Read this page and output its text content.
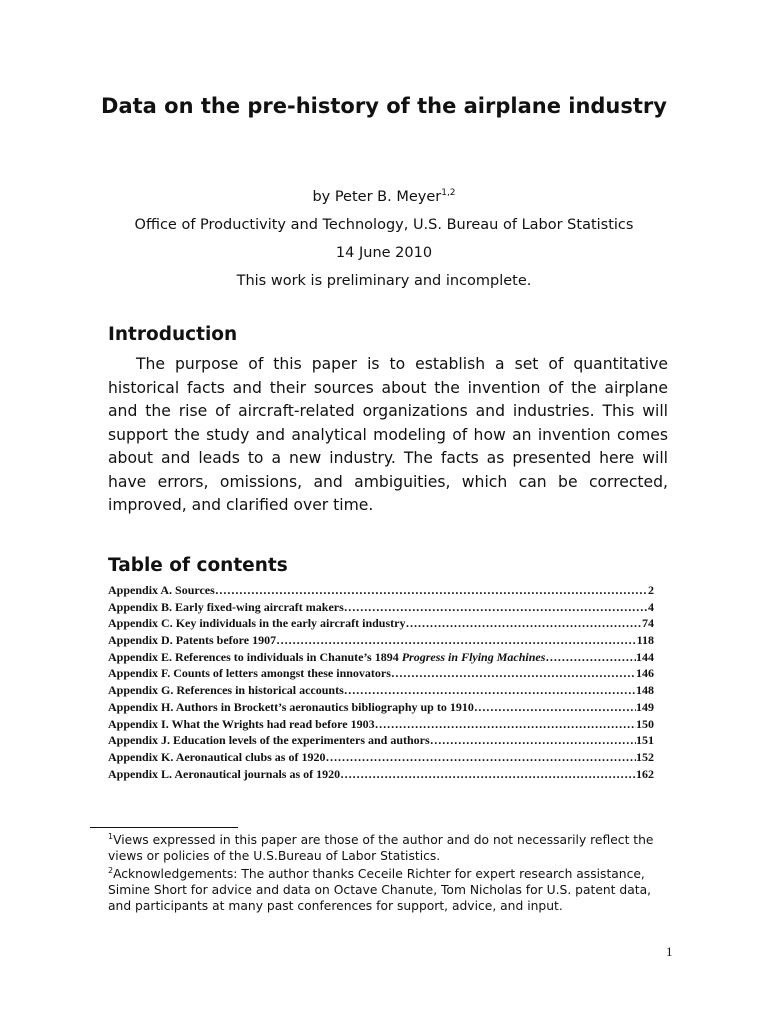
Data on the pre-history of the airplane industry
by Peter B. Meyer$^{1,2}$
Office of Productivity and Technology, U.S. Bureau of Labor Statistics
14 June 2010
This work is preliminary and incomplete.
Introduction

The purpose of this paper is to establish a set of quantitative historical facts and their sources about the invention of the airplane and the rise of aircraft-related organizations and industries. This will support the study and analytical modeling of how an invention comes about and leads to a new industry. The facts as presented here will have errors, omissions, and ambiguities, which can be corrected, improved, and clarified over time.

Table of contents
Appendix A. Sources …………………………………………………………………………………………………………………………………………………………………………………………	2
Appendix B. Early fixed-wing aircraft makers …………………………………………………………………………………………………………………………………………………………………………………………	4
Appendix C. Key individuals in the early aircraft industry …………………………………………………………………………………………………………………………………………………………………………………………	74
Appendix D. Patents before 1907 …………………………………………………………………………………………………………………………………………………………………………………………	118
Appendix E. References to individuals in Chanute’s 1894 Progress in Flying Machines …………………………………………………………………………………………………………………………………………………………………………………………	144
Appendix F. Counts of letters amongst these innovators …………………………………………………………………………………………………………………………………………………………………………………………	146
Appendix G. References in historical accounts …………………………………………………………………………………………………………………………………………………………………………………………	148
Appendix H. Authors in Brockett’s aeronautics bibliography up to 1910 …………………………………………………………………………………………………………………………………………………………………………………………	149
Appendix I. What the Wrights had read before 1903 …………………………………………………………………………………………………………………………………………………………………………………………	150
Appendix J. Education levels of the experimenters and authors …………………………………………………………………………………………………………………………………………………………………………………………	151
Appendix K. Aeronautical clubs as of 1920 …………………………………………………………………………………………………………………………………………………………………………………………	152
Appendix L. Aeronautical journals as of 1920 …………………………………………………………………………………………………………………………………………………………………………………………	162

$^1$Views expressed in this paper are those of the author and do not necessarily reflect the views or policies of the U.S.Bureau of Labor Statistics.

$^2$Acknowledgements: The author thanks Ceceile Richter for expert research assistance, Simine Short for advice and data on Octave Chanute, Tom Nicholas for U.S. patent data, and participants at many past conferences for support, advice, and input.

1
